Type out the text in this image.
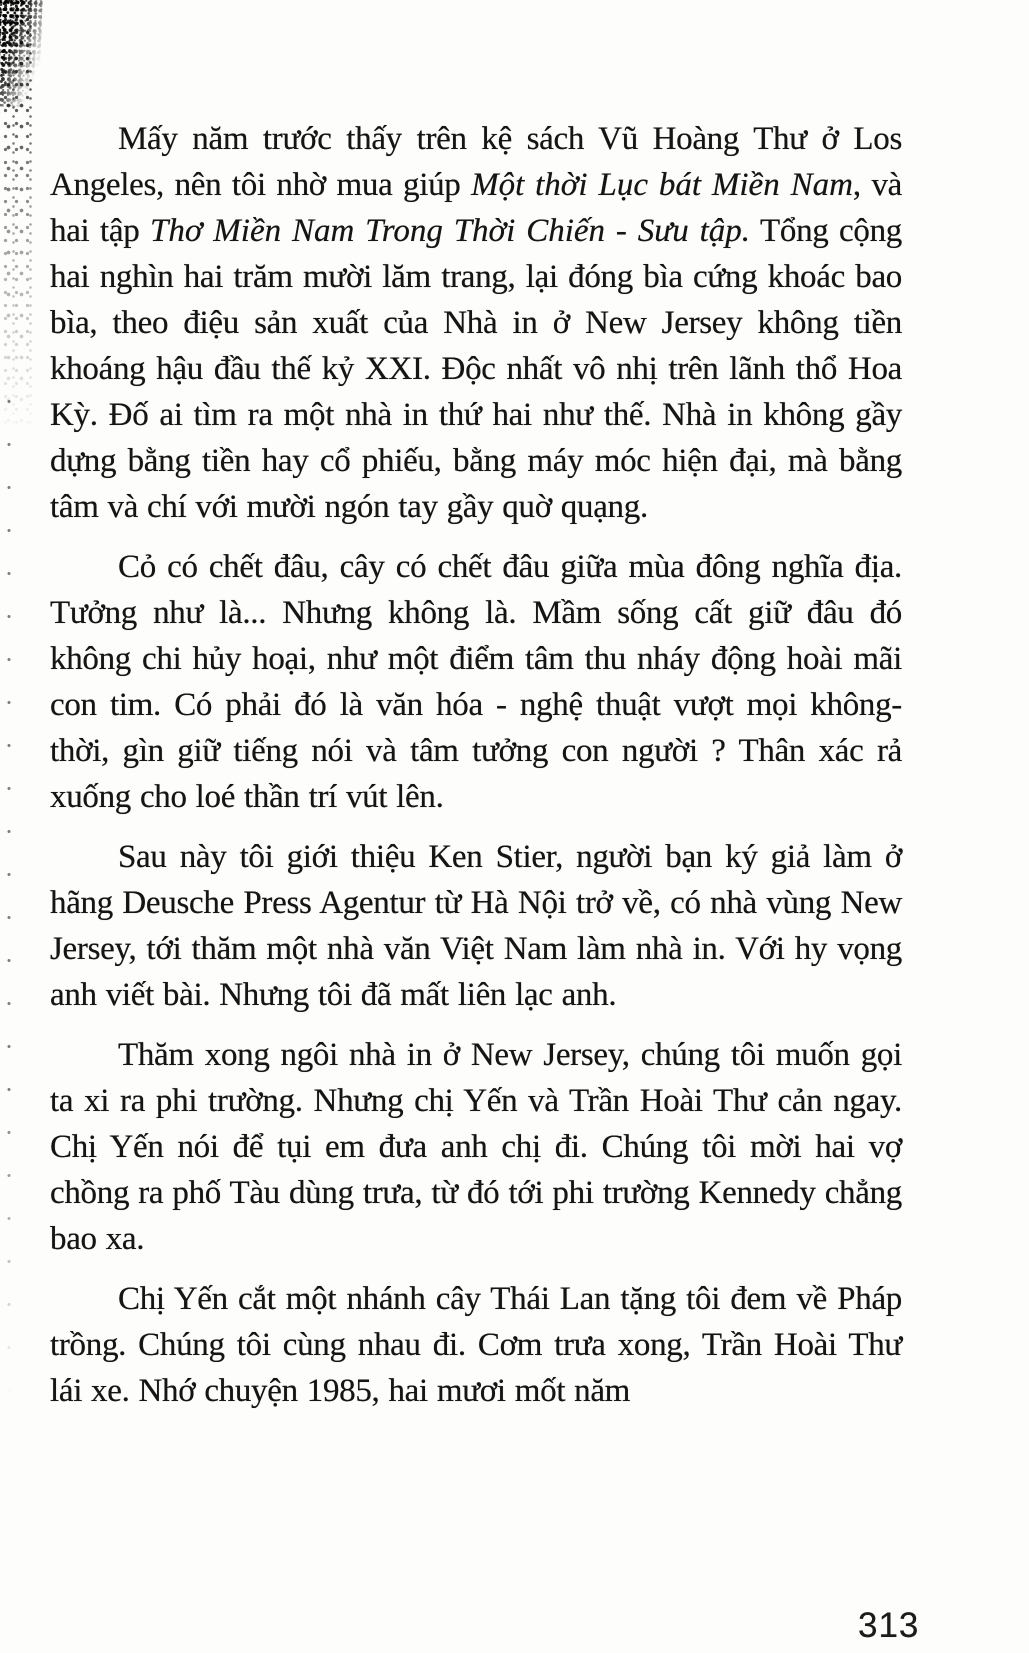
Mấy năm trước thấy trên kệ sách Vũ Hoàng Thư ở Los Angeles, nên tôi nhờ mua giúp Một thời Lục bát Miền Nam, và hai tập Thơ Miền Nam Trong Thời Chiến - Sưu tập. Tổng cộng hai nghìn hai trăm mười lăm trang, lại đóng bìa cứng khoác bao bìa, theo điệu sản xuất của Nhà in ở New Jersey không tiền khoáng hậu đầu thế kỷ XXI. Độc nhất vô nhị trên lãnh thổ Hoa Kỳ. Đố ai tìm ra một nhà in thứ hai như thế. Nhà in không gầy dựng bằng tiền hay cổ phiếu, bằng máy móc hiện đại, mà bằng tâm và chí với mười ngón tay gầy quờ quạng.

Cỏ có chết đâu, cây có chết đâu giữa mùa đông nghĩa địa. Tưởng như là... Nhưng không là. Mầm sống cất giữ đâu đó không chi hủy hoại, như một điểm tâm thu nháy động hoài mãi con tim. Có phải đó là văn hóa - nghệ thuật vượt mọi không-thời, gìn giữ tiếng nói và tâm tưởng con người ? Thân xác rả xuống cho loé thần trí vút lên.

Sau này tôi giới thiệu Ken Stier, người bạn ký giả làm ở hãng Deusche Press Agentur từ Hà Nội trở về, có nhà vùng New Jersey, tới thăm một nhà văn Việt Nam làm nhà in. Với hy vọng anh viết bài. Nhưng tôi đã mất liên lạc anh.

Thăm xong ngôi nhà in ở New Jersey, chúng tôi muốn gọi ta xi ra phi trường. Nhưng chị Yến và Trần Hoài Thư cản ngay. Chị Yến nói để tụi em đưa anh chị đi. Chúng tôi mời hai vợ chồng ra phố Tàu dùng trưa, từ đó tới phi trường Kennedy chẳng bao xa.

Chị Yến cắt một nhánh cây Thái Lan tặng tôi đem về Pháp trồng. Chúng tôi cùng nhau đi. Cơm trưa xong, Trần Hoài Thư lái xe. Nhớ chuyện 1985, hai mươi mốt năm

313
